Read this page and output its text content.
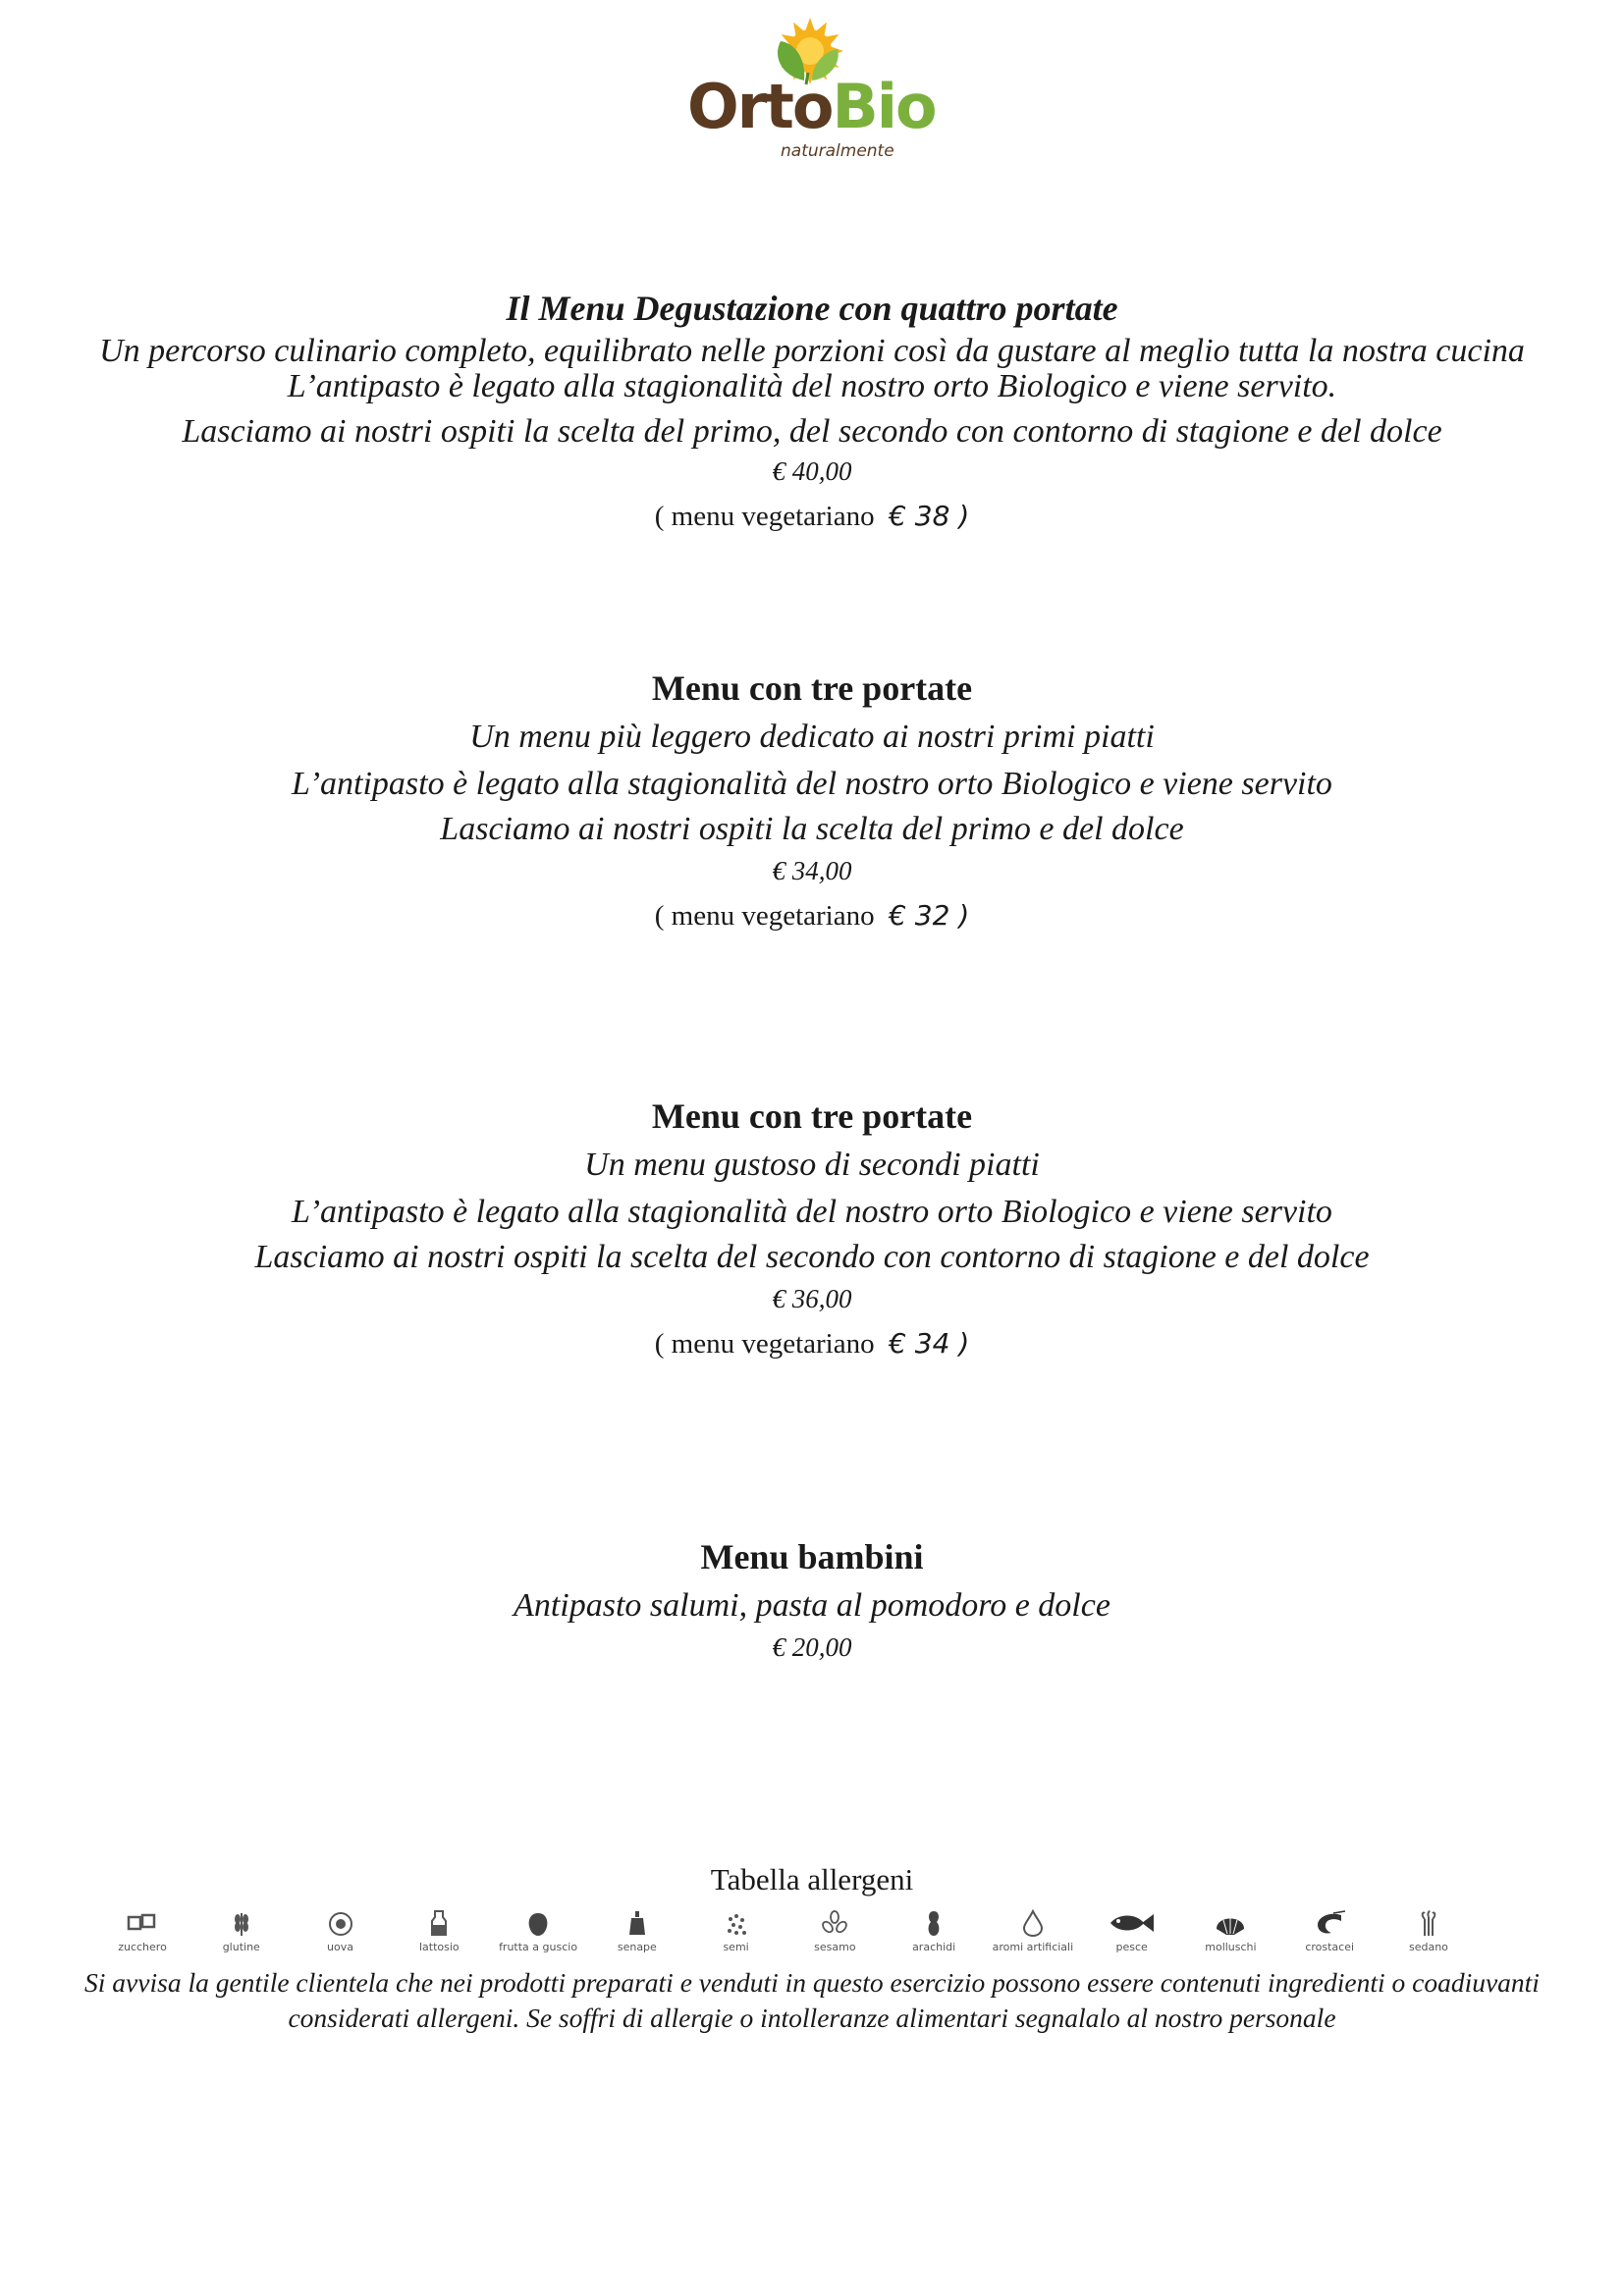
OrtoBio
naturalmente
Il Menu Degustazione con quattro portate
Un percorso culinario completo, equilibrato nelle porzioni così da gustare al meglio tutta la nostra cucina
L’antipasto è legato alla stagionalità del nostro orto Biologico e viene servito.
Lasciamo ai nostri ospiti la scelta del primo, del secondo con contorno di stagione e del dolce
€ 40,00
( menu vegetariano € 38 )
Menu con tre portate
Un menu più leggero dedicato ai nostri primi piatti
L’antipasto è legato alla stagionalità del nostro orto Biologico e viene servito
Lasciamo ai nostri ospiti la scelta del primo e del dolce
€ 34,00
( menu vegetariano € 32 )
Menu con tre portate
Un menu gustoso di secondi piatti
L’antipasto è legato alla stagionalità del nostro orto Biologico e viene servito
Lasciamo ai nostri ospiti la scelta del secondo con contorno di stagione e del dolce
€ 36,00
( menu vegetariano € 34 )
Menu bambini
Antipasto salumi, pasta al pomodoro e dolce
€ 20,00
Tabella allergeni
zucchero	glutine	uova	lattosio	frutta a guscio	senape	semi	sesamo	arachidi	aromi artificiali	pesce	molluschi	crostacei	sedano
Si avvisa la gentile clientela che nei prodotti preparati e venduti in questo esercizio possono essere contenuti ingredienti o coadiuvanti
considerati allergeni. Se soffri di allergie o intolleranze alimentari segnalalo al nostro personale
